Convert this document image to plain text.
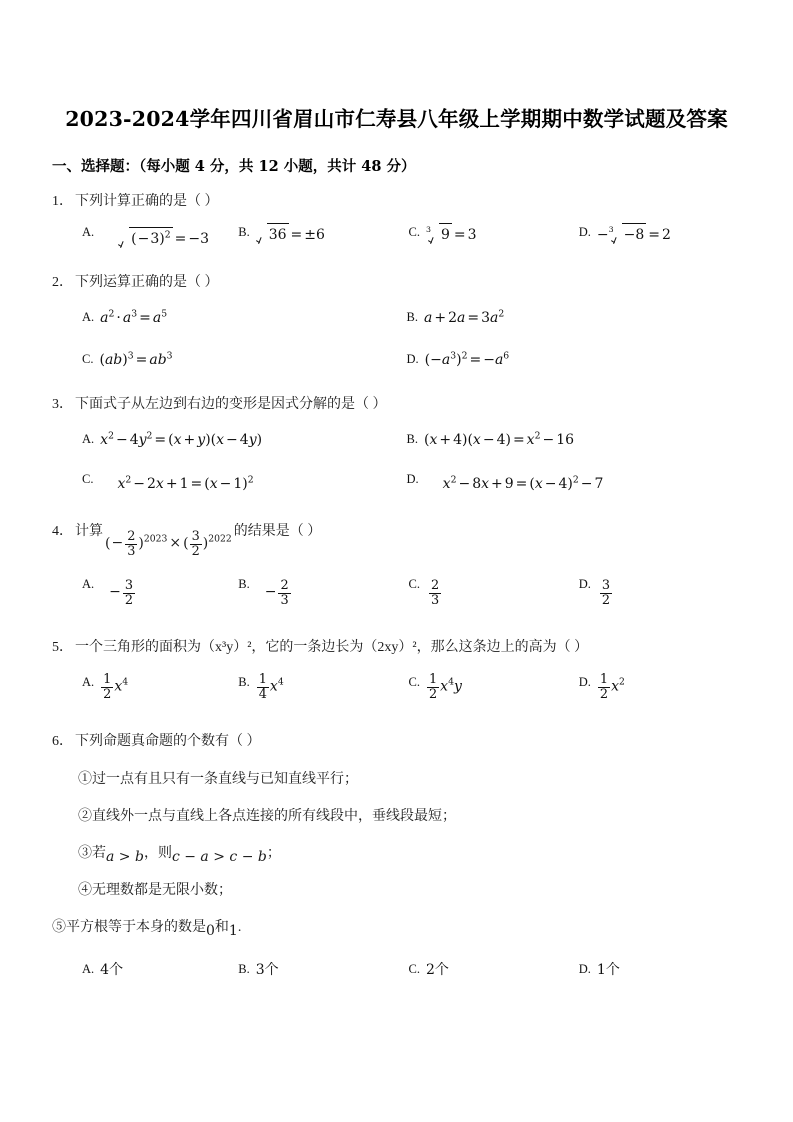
2023-2024学年四川省眉山市仁寿县八年级上学期期中数学试题及答案
一、选择题：（每小题 4 分，共 12 小题，共计 48 分）
1． 下列计算正确的是（ ）
A.	$(-3)^2 = -3$	B.	36 = ±6	C. 3 9 = 3	D. − 3 −8 = 2
2． 下列运算正确的是（ ）
A. $a^2 \cdot a^3 = a^5$	B. $a + 2a = 3a^2$
C. $(ab)^3 = ab^3$	D. $(-a^3)^2 = -a^6$
3． 下面式子从左边到右边的变形是因式分解的是（ ）
A. $x^2 - 4y^2 = (x + y)(x - 4y)$	B. $(x + 4)(x - 4) = x^2 - 16$
C.	$x^2 - 2x + 1 = (x - 1)^2$	D.	$x^2 - 8x + 9 = (x - 4)^2 - 7$
4． 计算
(− $\frac{2}{3} )^{2023}$ × ( $\frac{3}{2} )^{2022}$
的结果是（ ）
A.
− $\frac{3}{2}$	B.
− $\frac{2}{3}$	C. $\frac{2}{3}$	D. $\frac{3}{2}$
5． 一个三角形的面积为（x³y）²，它的一条边长为（2xy）²，那么这条边上的高为（ ）
A. $\frac{1}{2} x^4$	B. $\frac{1}{4} x^4$	C. $\frac{1}{2} x^4y$	D. $\frac{1}{2} x^2$
6． 下列命题真命题的个数有（ ）
①过一点有且只有一条直线与已知直线平行；
②直线外一点与直线上各点连接的所有线段中，垂线段最短；
③若a > b，则c − a > c − b；
④无理数都是无限小数；
⑤平方根等于本身的数是0和1.
A. 4个	B. 3个	C. 2个	D. 1个
